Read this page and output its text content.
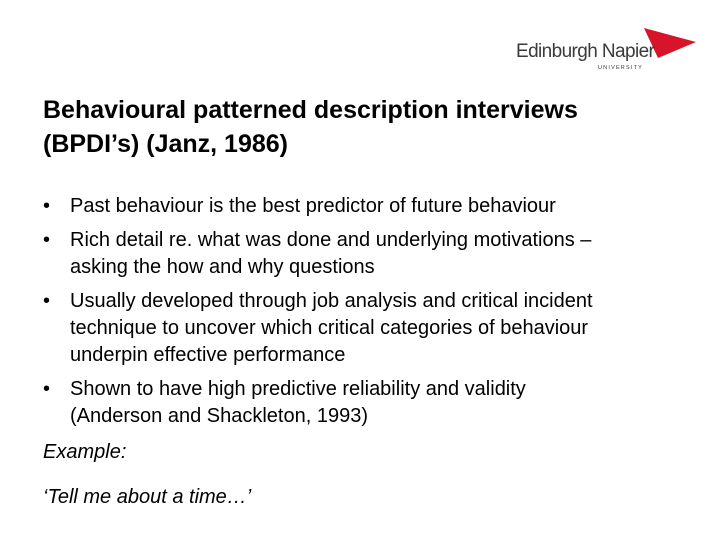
Edinburgh Napier
UNIVERSITY
Behavioural patterned description interviews
(BPDI’s) (Janz, 1986)
• Past behaviour is the best predictor of future behaviour
• Rich detail re. what was done and underlying motivations –
asking the how and why questions
• Usually developed through job analysis and critical incident
technique to uncover which critical categories of behaviour
underpin effective performance
• Shown to have high predictive reliability and validity
(Anderson and Shackleton, 1993)
Example:
‘Tell me about a time…’
